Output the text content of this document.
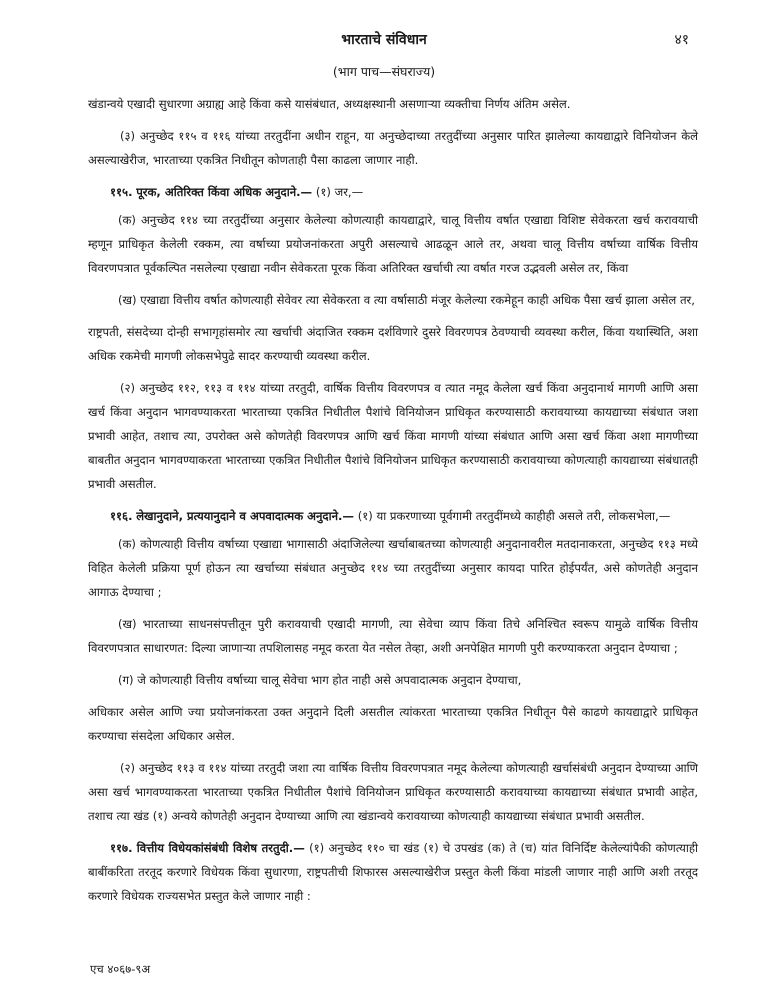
भारताचे संविधान	४१
(भाग पाच—संघराज्य)

खंडान्वये एखादी सुधारणा अग्राह्य आहे किंवा कसे यासंबंधात, अध्यक्षस्थानी असणाऱ्या व्यक्तीचा निर्णय अंतिम असेल.

(३) अनुच्छेद ११५ व ११६ यांच्या तरतुदींना अधीन राहून, या अनुच्छेदाच्या तरतुदींच्या अनुसार पारित झालेल्या कायद्याद्वारे विनियोजन केले असल्याखेरीज, भारताच्या एकत्रित निधीतून कोणताही पैसा काढला जाणार नाही.

११५. पूरक, अतिरिक्त किंवा अधिक अनुदाने.— (१) जर,—

(क) अनुच्छेद ११४ च्या तरतुदींच्या अनुसार केलेल्या कोणत्याही कायद्याद्वारे, चालू वित्तीय वर्षात एखाद्या विशिष्ट सेवेकरता खर्च करावयाची म्हणून प्राधिकृत केलेली रक्कम, त्या वर्षाच्या प्रयोजनांकरता अपुरी असल्याचे आढळून आले तर, अथवा चालू वित्तीय वर्षाच्या वार्षिक वित्तीय विवरणपत्रात पूर्वकल्पित नसलेल्या एखाद्या नवीन सेवेकरता पूरक किंवा अतिरिक्त खर्चाची त्या वर्षात गरज उद्भवली असेल तर, किंवा

(ख) एखाद्या वित्तीय वर्षात कोणत्याही सेवेवर त्या सेवेकरता व त्या वर्षासाठी मंजूर केलेल्या रकमेहून काही अधिक पैसा खर्च झाला असेल तर,

राष्ट्रपती, संसदेच्या दोन्ही सभागृहांसमोर त्या खर्चाची अंदाजित रक्कम दर्शविणारे दुसरे विवरणपत्र ठेवण्याची व्यवस्था करील, किंवा यथास्थिति, अशा अधिक रकमेची मागणी लोकसभेपुढे सादर करण्याची व्यवस्था करील.

(२) अनुच्छेद ११२, ११३ व ११४ यांच्या तरतुदी, वार्षिक वित्तीय विवरणपत्र व त्यात नमूद केलेला खर्च किंवा अनुदानार्थ मागणी आणि असा खर्च किंवा अनुदान भागवण्याकरता भारताच्या एकत्रित निधीतील पैशांचे विनियोजन प्राधिकृत करण्यासाठी करावयाच्या कायद्याच्या संबंधात जशा प्रभावी आहेत, तशाच त्या, उपरोक्त असे कोणतेही विवरणपत्र आणि खर्च किंवा मागणी यांच्या संबंधात आणि असा खर्च किंवा अशा मागणीच्या बाबतीत अनुदान भागवण्याकरता भारताच्या एकत्रित निधीतील पैशांचे विनियोजन प्राधिकृत करण्यासाठी करावयाच्या कोणत्याही कायद्याच्या संबंधातही प्रभावी असतील.

११६. लेखानुदाने, प्रत्ययानुदाने व अपवादात्मक अनुदाने.— (१) या प्रकरणाच्या पूर्वगामी तरतुदींमध्ये काहीही असले तरी, लोकसभेला,—

(क) कोणत्याही वित्तीय वर्षाच्या एखाद्या भागासाठी अंदाजिलेल्या खर्चाबाबतच्या कोणत्याही अनुदानावरील मतदानाकरता, अनुच्छेद ११३ मध्ये विहित केलेली प्रक्रिया पूर्ण होऊन त्या खर्चाच्या संबंधात अनुच्छेद ११४ च्या तरतुदींच्या अनुसार कायदा पारित होईपर्यंत, असे कोणतेही अनुदान आगाऊ देण्याचा ;

(ख) भारताच्या साधनसंपत्तीतून पुरी करावयाची एखादी मागणी, त्या सेवेचा व्याप किंवा तिचे अनिश्चित स्वरूप यामुळे वार्षिक वित्तीय विवरणपत्रात साधारणत: दिल्या जाणाऱ्या तपशिलासह नमूद करता येत नसेल तेव्हा, अशी अनपेक्षित मागणी पुरी करण्याकरता अनुदान देण्याचा ;

(ग) जे कोणत्याही वित्तीय वर्षाच्या चालू सेवेचा भाग होत नाही असे अपवादात्मक अनुदान देण्याचा,

अधिकार असेल आणि ज्या प्रयोजनांकरता उक्त अनुदाने दिली असतील त्यांकरता भारताच्या एकत्रित निधीतून पैसे काढणे कायद्याद्वारे प्राधिकृत करण्याचा संसदेला अधिकार असेल.

(२) अनुच्छेद ११३ व ११४ यांच्या तरतुदी जशा त्या वार्षिक वित्तीय विवरणपत्रात नमूद केलेल्या कोणत्याही खर्चासंबंधी अनुदान देण्याच्या आणि असा खर्च भागवण्याकरता भारताच्या एकत्रित निधीतील पैशांचे विनियोजन प्राधिकृत करण्यासाठी करावयाच्या कायद्याच्या संबंधात प्रभावी आहेत, तशाच त्या खंड (१) अन्वये कोणतेही अनुदान देण्याच्या आणि त्या खंडान्वये करावयाच्या कोणत्याही कायद्याच्या संबंधात प्रभावी असतील.

११७. वित्तीय विधेयकांसंबंधी विशेष तरतुदी.— (१) अनुच्छेद ११० चा खंड (१) चे उपखंड (क) ते (च) यांत विनिर्दिष्ट केलेल्यांपैकी कोणत्याही बाबींकरिता तरतूद करणारे विधेयक किंवा सुधारणा, राष्ट्रपतीची शिफारस असल्याखेरीज प्रस्तुत केली किंवा मांडली जाणार नाही आणि अशी तरतूद करणारे विधेयक राज्यसभेत प्रस्तुत केले जाणार नाही :

एच ४०६७-९अ
